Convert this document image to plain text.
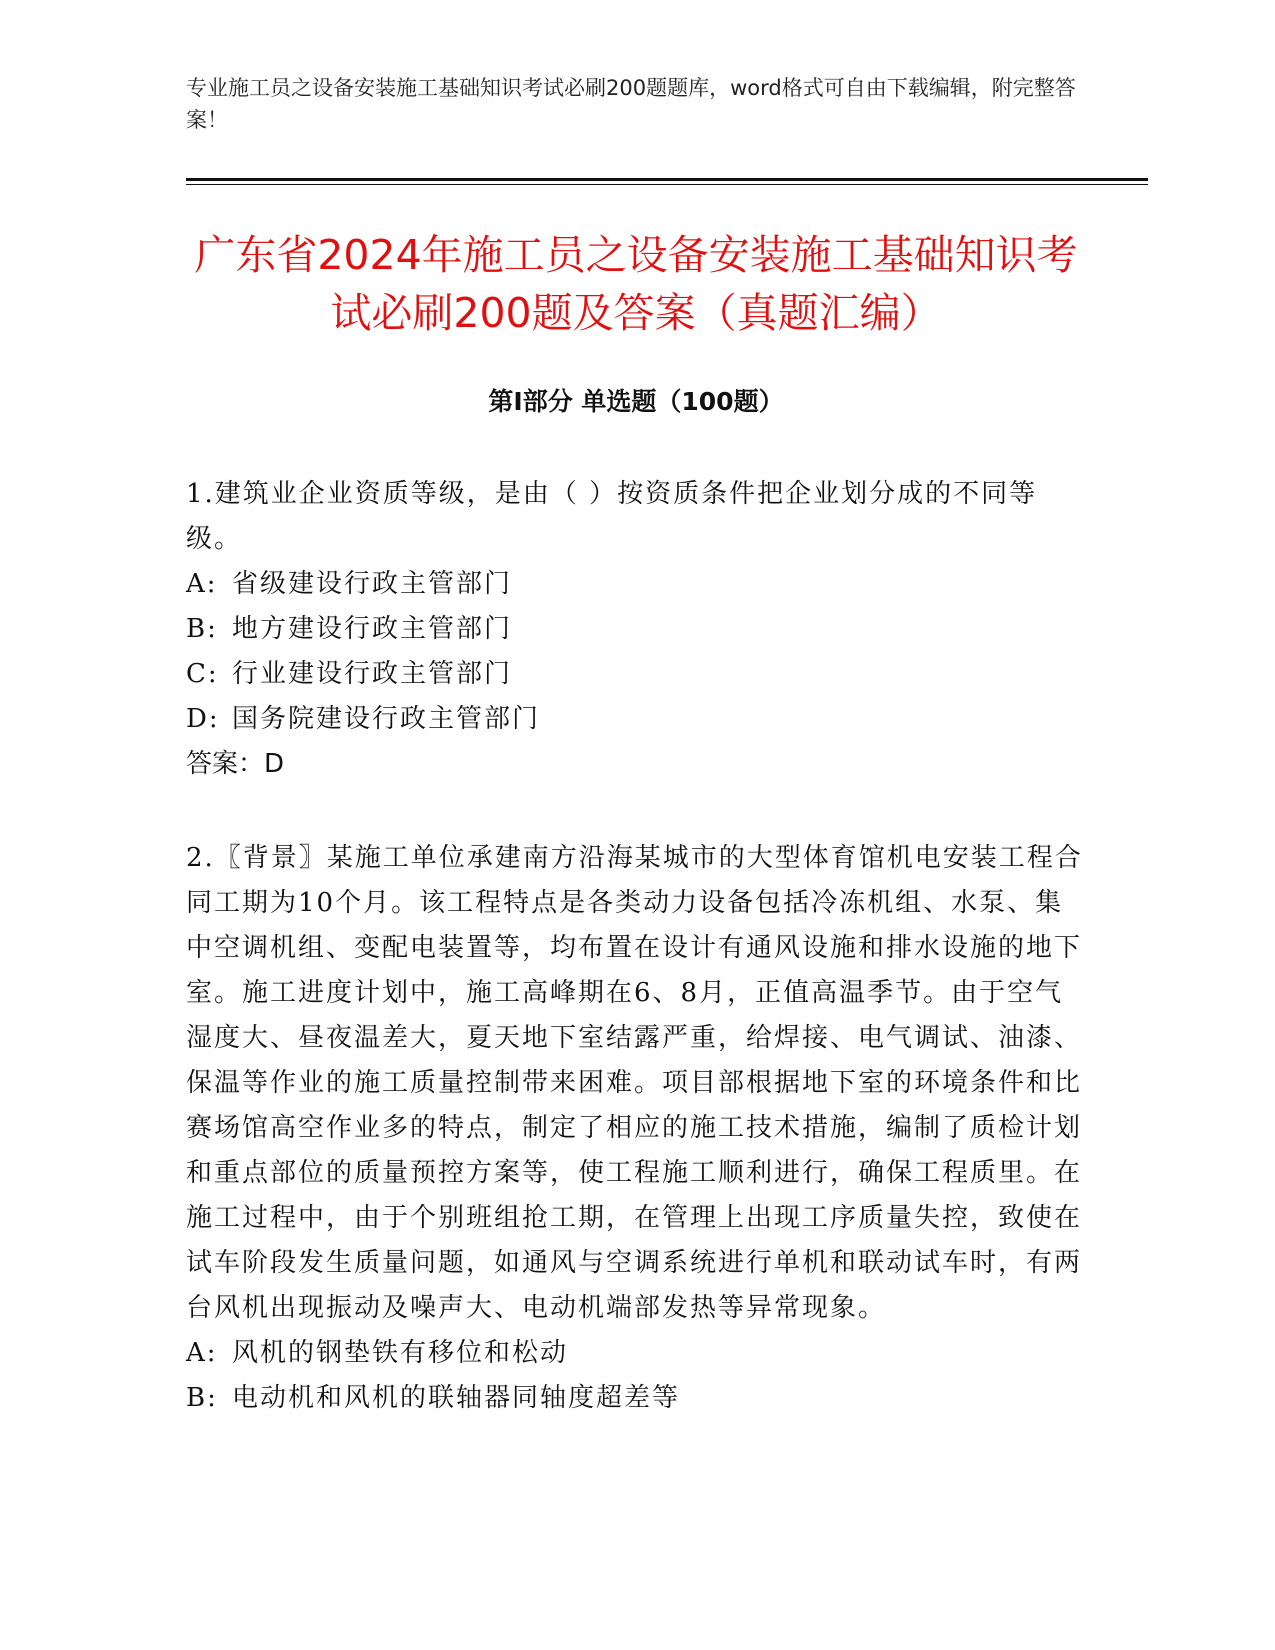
专业施工员之设备安装施工基础知识考试必刷200题题库，word格式可自由下载编辑，附完整答案！
广东省2024年施工员之设备安装施工基础知识考试必刷200题及答案（真题汇编）
第I部分 单选题（100题）

1.建筑业企业资质等级，是由（ ）按资质条件把企业划分成的不同等级。

A: 省级建设行政主管部门
B: 地方建设行政主管部门
C: 行业建设行政主管部门
D: 国务院建设行政主管部门

答案：D

2.〖背景〗某施工单位承建南方沿海某城市的大型体育馆机电安装工程合同工期为10个月。该工程特点是各类动力设备包括冷冻机组、水泵、集中空调机组、变配电装置等，均布置在设计有通风设施和排水设施的地下室。施工进度计划中，施工高峰期在6、8月，正值高温季节。由于空气湿度大、昼夜温差大，夏天地下室结露严重，给焊接、电气调试、油漆、保温等作业的施工质量控制带来困难。项目部根据地下室的环境条件和比赛场馆高空作业多的特点，制定了相应的施工技术措施，编制了质检计划和重点部位的质量预控方案等，使工程施工顺利进行，确保工程质里。在施工过程中，由于个别班组抢工期，在管理上出现工序质量失控，致使在试车阶段发生质量问题，如通风与空调系统进行单机和联动试车时，有两台风机出现振动及噪声大、电动机端部发热等异常现象。

A: 风机的钢垫铁有移位和松动
B: 电动机和风机的联轴器同轴度超差等
